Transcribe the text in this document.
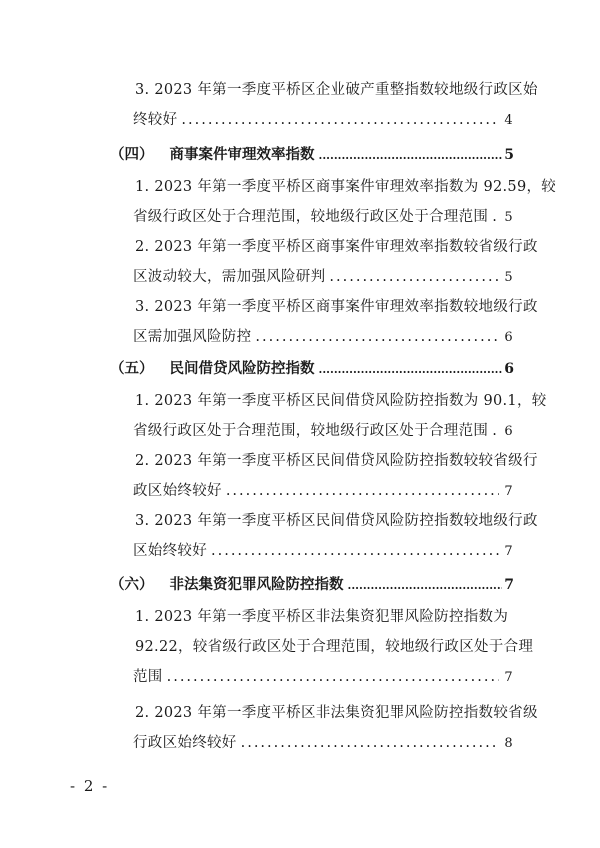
3. 2023 年第一季度平桥区企业破产重整指数较地级行政区始
终较好 .....	4
（四） 商事案件审理效率指数 .....	5
1. 2023 年第一季度平桥区商事案件审理效率指数为 92.59，较
省级行政区处于合理范围，较地级行政区处于合理范围 ..... 5
2. 2023 年第一季度平桥区商事案件审理效率指数较省级行政
区波动较大，需加强风险研判 .....	5
3. 2023 年第一季度平桥区商事案件审理效率指数较地级行政
区需加强风险防控 .....	6
（五） 民间借贷风险防控指数 .....	6
1. 2023 年第一季度平桥区民间借贷风险防控指数为 90.1，较
省级行政区处于合理范围，较地级行政区处于合理范围 ..... 6
2. 2023 年第一季度平桥区民间借贷风险防控指数较较省级行
政区始终较好 .....	7
3. 2023 年第一季度平桥区民间借贷风险防控指数较地级行政
区始终较好 .....	7
（六） 非法集资犯罪风险防控指数 .....	7
1. 2023 年第一季度平桥区非法集资犯罪风险防控指数为
92.22，较省级行政区处于合理范围，较地级行政区处于合理
范围 .....	7
2. 2023 年第一季度平桥区非法集资犯罪风险防控指数较省级
行政区始终较好 .....	8
- 2 -
